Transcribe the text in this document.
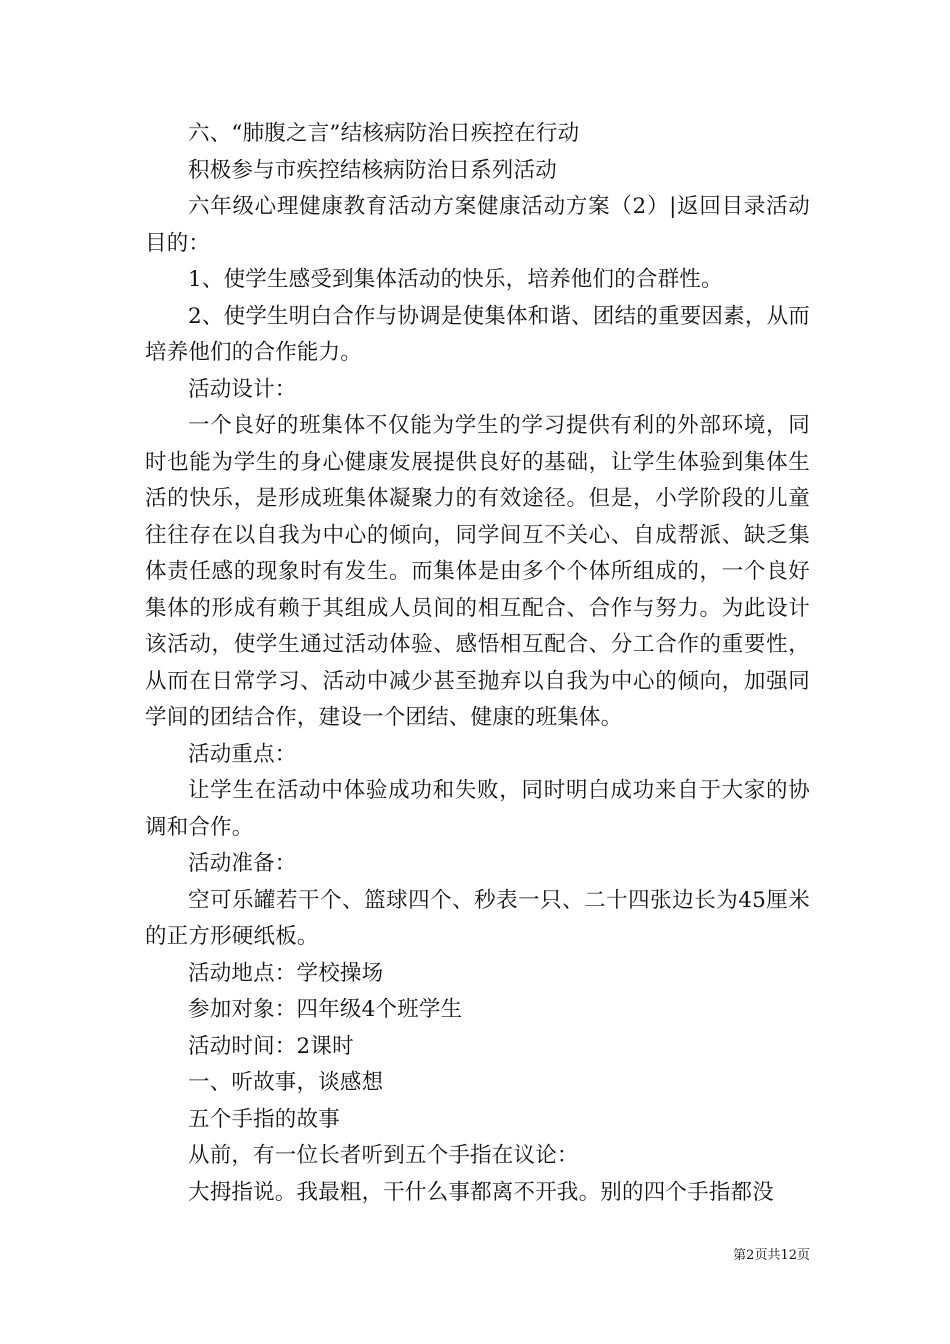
六、“肺腹之言”结核病防治日疾控在行动

积极参与市疾控结核病防治日系列活动

六年级心理健康教育活动方案健康活动方案（2）|返回目录活动目的：

1、使学生感受到集体活动的快乐，培养他们的合群性。

2、使学生明白合作与协调是使集体和谐、团结的重要因素，从而培养他们的合作能力。

活动设计：

一个良好的班集体不仅能为学生的学习提供有利的外部环境，同时也能为学生的身心健康发展提供良好的基础，让学生体验到集体生活的快乐，是形成班集体凝聚力的有效途径。但是，小学阶段的儿童往往存在以自我为中心的倾向，同学间互不关心、自成帮派、缺乏集体责任感的现象时有发生。而集体是由多个个体所组成的，一个良好集体的形成有赖于其组成人员间的相互配合、合作与努力。为此设计该活动，使学生通过活动体验、感悟相互配合、分工合作的重要性，从而在日常学习、活动中减少甚至抛弃以自我为中心的倾向，加强同学间的团结合作，建设一个团结、健康的班集体。

活动重点：

让学生在活动中体验成功和失败，同时明白成功来自于大家的协调和合作。

活动准备：

空可乐罐若干个、篮球四个、秒表一只、二十四张边长为45厘米的正方形硬纸板。

活动地点：学校操场

参加对象：四年级4个班学生

活动时间：2课时

一、听故事，谈感想

五个手指的故事

从前，有一位长者听到五个手指在议论：

大拇指说。我最粗，干什么事都离不开我。别的四个手指都没

第2页共12页
